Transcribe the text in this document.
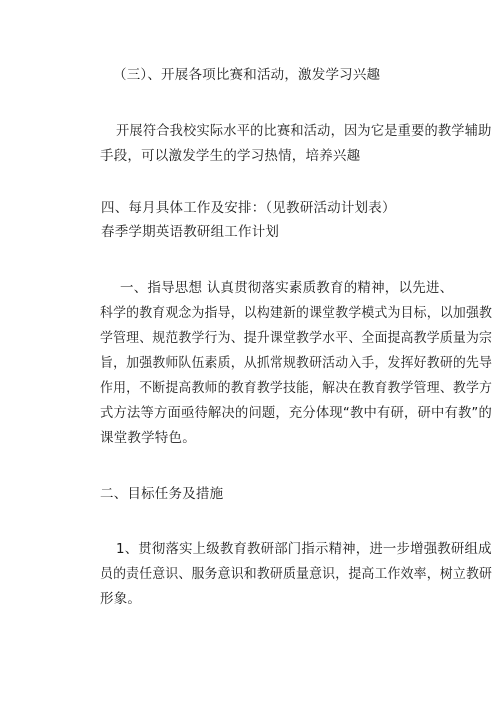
（三）、开展各项比赛和活动，激发学习兴趣
开展符合我校实际水平的比赛和活动，因为它是重要的教学辅助
手段，可以激发学生的学习热情，培养兴趣
四、每月具体工作及安排：（见教研活动计划表）
春季学期英语教研组工作计划
一、指导思想 认真贯彻落实素质教育的精神，以先进、
科学的教育观念为指导，以构建新的课堂教学模式为目标，以加强教
学管理、规范教学行为、提升课堂教学水平、全面提高教学质量为宗
旨，加强教师队伍素质，从抓常规教研活动入手，发挥好教研的先导
作用，不断提高教师的教育教学技能，解决在教育教学管理、教学方
式方法等方面亟待解决的问题，充分体现“教中有研，研中有教”的
课堂教学特色。
二、目标任务及措施
1、贯彻落实上级教育教研部门指示精神，进一步增强教研组成
员的责任意识、服务意识和教研质量意识，提高工作效率，树立教研
形象。
